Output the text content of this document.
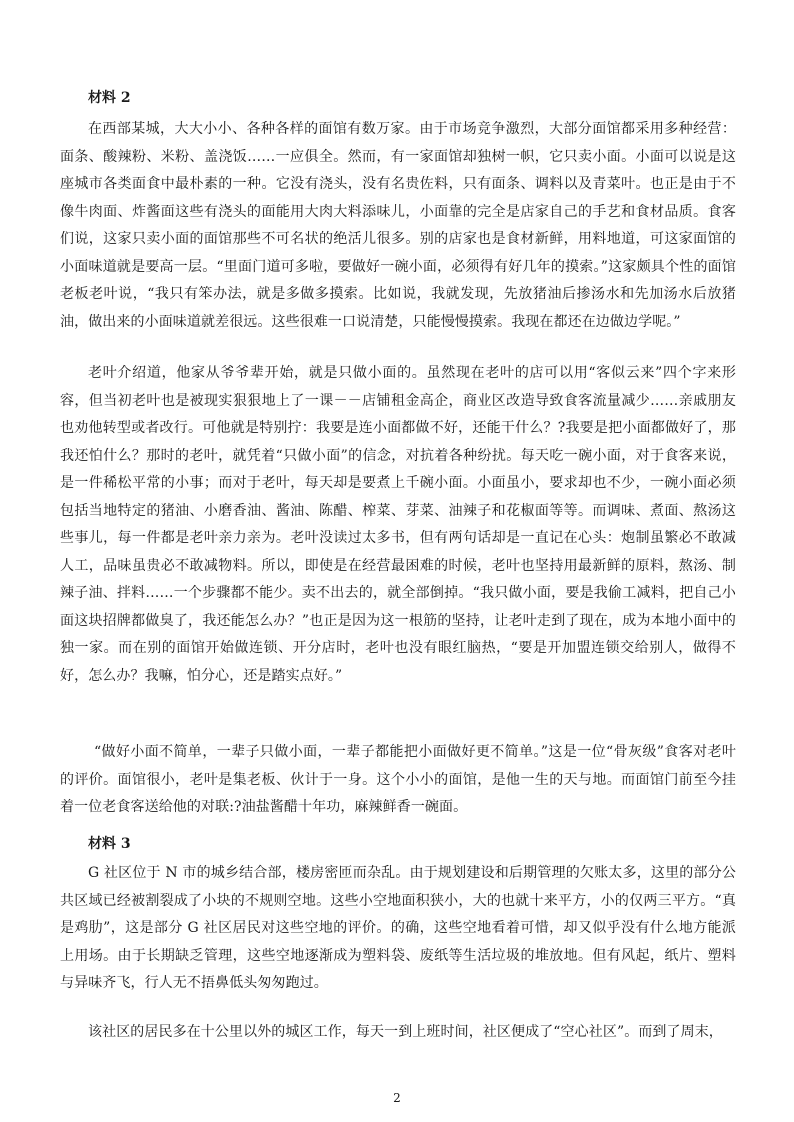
材料 2

在西部某城，大大小小、各种各样的面馆有数万家。由于市场竞争激烈，大部分面馆都采用多种经营：面条、酸辣粉、米粉、盖浇饭……一应俱全。然而，有一家面馆却独树一帜，它只卖小面。小面可以说是这座城市各类面食中最朴素的一种。它没有浇头，没有名贵佐料，只有面条、调料以及青菜叶。也正是由于不像牛肉面、炸酱面这些有浇头的面能用大肉大料添味儿，小面靠的完全是店家自己的手艺和食材品质。食客们说，这家只卖小面的面馆那些不可名状的绝活儿很多。别的店家也是食材新鲜，用料地道，可这家面馆的小面味道就是要高一层。“里面门道可多啦，要做好一碗小面，必须得有好几年的摸索。”这家颇具个性的面馆老板老叶说，“我只有笨办法，就是多做多摸索。比如说，我就发现，先放猪油后掺汤水和先加汤水后放猪油，做出来的小面味道就差很远。这些很难一口说清楚，只能慢慢摸索。我现在都还在边做边学呢。”

老叶介绍道，他家从爷爷辈开始，就是只做小面的。虽然现在老叶的店可以用“客似云来”四个字来形容，但当初老叶也是被现实狠狠地上了一课－－店铺租金高企，商业区改造导致食客流量减少……亲戚朋友也劝他转型或者改行。可他就是特别拧：我要是连小面都做不好，还能干什么？?我要是把小面都做好了，那我还怕什么？那时的老叶，就凭着“只做小面”的信念，对抗着各种纷扰。每天吃一碗小面，对于食客来说，是一件稀松平常的小事；而对于老叶，每天却是要煮上千碗小面。小面虽小，要求却也不少，一碗小面必须包括当地特定的猪油、小磨香油、酱油、陈醋、榨菜、芽菜、油辣子和花椒面等等。而调味、煮面、熬汤这些事儿，每一件都是老叶亲力亲为。老叶没读过太多书，但有两句话却是一直记在心头：炮制虽繁必不敢减人工，品味虽贵必不敢减物料。所以，即使是在经营最困难的时候，老叶也坚持用最新鲜的原料，熬汤、制辣子油、拌料……一个步骤都不能少。卖不出去的，就全部倒掉。“我只做小面，要是我偷工减料，把自己小面这块招牌都做臭了，我还能怎么办？”也正是因为这一根筋的坚持，让老叶走到了现在，成为本地小面中的独一家。而在别的面馆开始做连锁、开分店时，老叶也没有眼红脑热，“要是开加盟连锁交给别人，做得不好，怎么办？我嘛，怕分心，还是踏实点好。”

“做好小面不简单，一辈子只做小面，一辈子都能把小面做好更不简单。”这是一位“骨灰级”食客对老叶的评价。面馆很小，老叶是集老板、伙计于一身。这个小小的面馆，是他一生的天与地。而面馆门前至今挂着一位老食客送给他的对联:?油盐酱醋十年功，麻辣鲜香一碗面。

材料 3

G 社区位于 N 市的城乡结合部，楼房密匝而杂乱。由于规划建设和后期管理的欠账太多，这里的部分公共区域已经被割裂成了小块的不规则空地。这些小空地面积狭小，大的也就十来平方，小的仅两三平方。“真是鸡肋”，这是部分 G 社区居民对这些空地的评价。的确，这些空地看着可惜，却又似乎没有什么地方能派上用场。由于长期缺乏管理，这些空地逐渐成为塑料袋、废纸等生活垃圾的堆放地。但有风起，纸片、塑料与异味齐飞，行人无不捂鼻低头匆匆跑过。

该社区的居民多在十公里以外的城区工作，每天一到上班时间，社区便成了“空心社区”。而到了周末，

2
